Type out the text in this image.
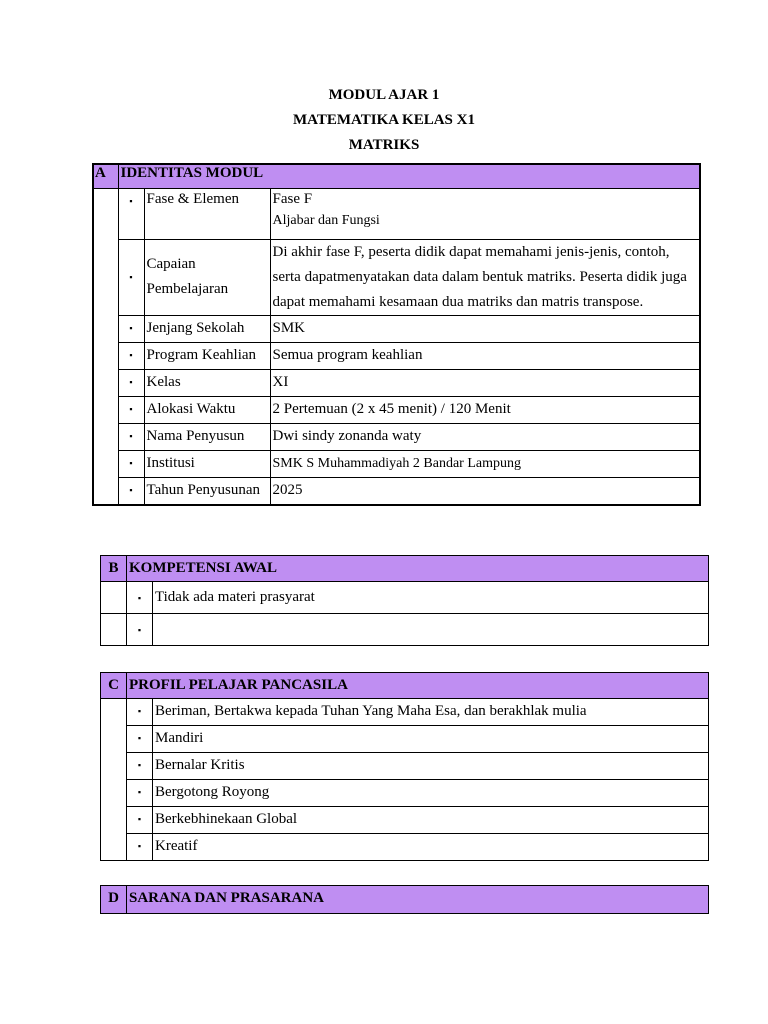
MODUL AJAR 1
MATEMATIKA KELAS X1
MATRIKS
A	IDENTITAS MODUL		
	▪	Fase & Elemen	Fase F
Aljabar dan Fungsi

	▪	Capaian
Pembelajaran	Di akhir fase F, peserta didik dapat memahami jenis-jenis, contoh, serta dapatmenyatakan data dalam bentuk matriks. Peserta didik juga dapat memahami kesamaan dua matriks dan matris transpose.
	▪	Jenjang Sekolah	SMK
	▪	Program Keahlian	Semua program keahlian
	▪	Kelas	XI
	▪	Alokasi Waktu	2 Pertemuan (2 x 45 menit) / 120 Menit
	▪	Nama Penyusun	Dwi sindy zonanda waty
	▪	Institusi	SMK S Muhammadiyah 2 Bandar Lampung
	▪	Tahun Penyusunan	2025
B	KOMPETENSI AWAL	
	▪	Tidak ada materi prasyarat
	▪	
C	PROFIL PELAJAR PANCASILA	
	▪	Beriman, Bertakwa kepada Tuhan Yang Maha Esa, dan berakhlak mulia
	▪	Mandiri
	▪	Bernalar Kritis
	▪	Bergotong Royong
	▪	Berkebhinekaan Global
	▪	Kreatif
D	SARANA DAN PRASARANA
